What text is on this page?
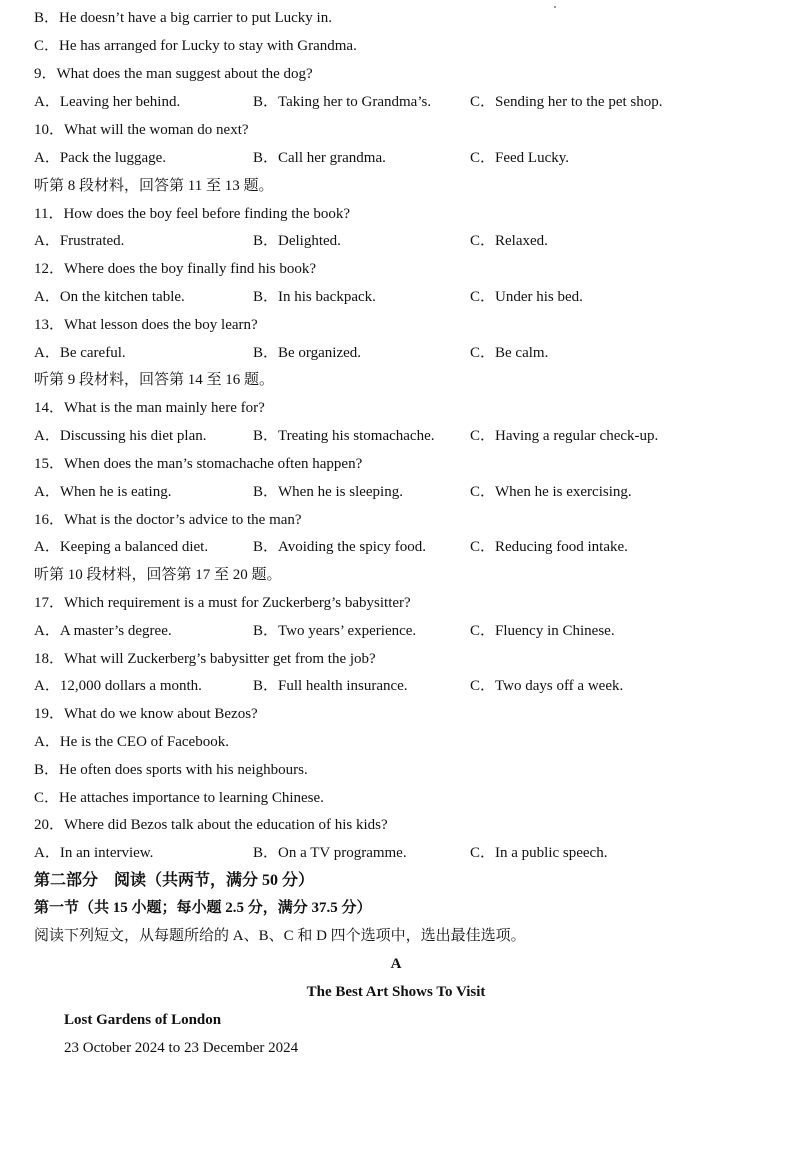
B．He doesn’t have a big carrier to put Lucky in.
C．He has arranged for Lucky to stay with Grandma.
9．What does the man suggest about the dog?
A．Leaving her behind.	B．Taking her to Grandma’s.	C．Sending her to the pet shop.
10．What will the woman do next?
A．Pack the luggage.	B．Call her grandma.	C．Feed Lucky.
听第 8 段材料，回答第 11 至 13 题。
11．How does the boy feel before finding the book?
A．Frustrated.	B．Delighted.	C．Relaxed.
12．Where does the boy finally find his book?
A．On the kitchen table.	B．In his backpack.	C．Under his bed.
13．What lesson does the boy learn?
A．Be careful.	B．Be organized.	C．Be calm.
听第 9 段材料，回答第 14 至 16 题。
14．What is the man mainly here for?
A．Discussing his diet plan.	B．Treating his stomachache. C．Having a regular check-up.
15．When does the man’s stomachache often happen?
A．When he is eating.	B．When he is sleeping.	C．When he is exercising.
16．What is the doctor’s advice to the man?
A．Keeping a balanced diet.	B．Avoiding the spicy food.	C．Reducing food intake.
听第 10 段材料，回答第 17 至 20 题。
17．Which requirement is a must for Zuckerberg’s babysitter?
A．A master’s degree.	B．Two years’ experience.	C．Fluency in Chinese.
18．What will Zuckerberg’s babysitter get from the job?
A．12,000 dollars a month.	B．Full health insurance.	C．Two days off a week.
19．What do we know about Bezos?
A．He is the CEO of Facebook.
B．He often does sports with his neighbours.
C．He attaches importance to learning Chinese.
20．Where did Bezos talk about the education of his kids?
A．In an interview.	B．On a TV programme.	C．In a public speech.
第二部分　阅读（共两节，满分 50 分）
第一节（共 15 小题；每小题 2.5 分，满分 37.5 分）
阅读下列短文，从每题所给的 A、B、C 和 D 四个选项中，选出最佳选项。
A
The Best Art Shows To Visit
Lost Gardens of London
23 October 2024 to 23 December 2024
